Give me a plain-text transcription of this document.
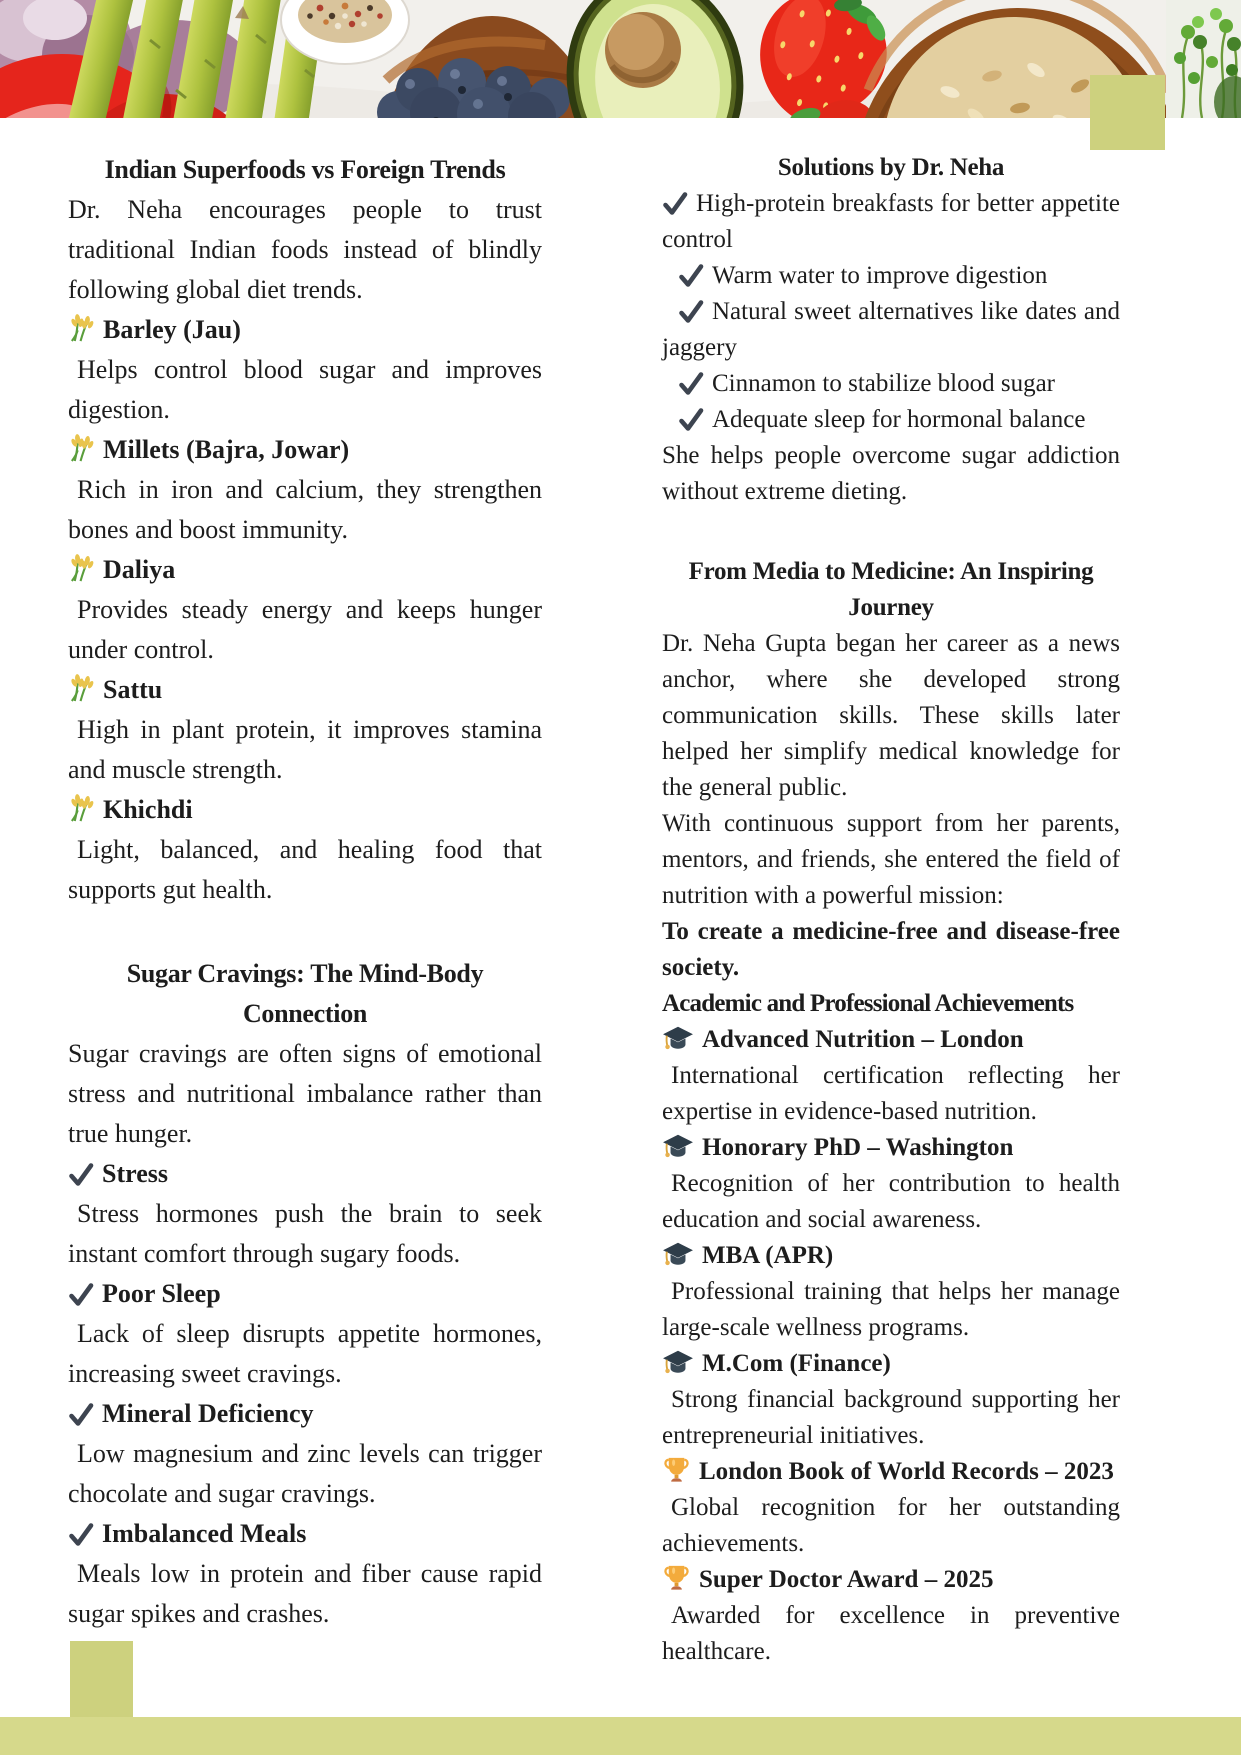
Indian Superfoods vs Foreign Trends

Dr. Neha encourages people to trust traditional Indian foods instead of blindly following global diet trends.

Barley (Jau)

Helps control blood sugar and improves digestion.

Millets (Bajra, Jowar)

Rich in iron and calcium, they strengthen bones and boost immunity.

Daliya

Provides steady energy and keeps hunger under control.

Sattu

High in plant protein, it improves stamina and muscle strength.

Khichdi

Light, balanced, and healing food that supports gut health.

Sugar Cravings: The Mind-Body Connection

Sugar cravings are often signs of emotional stress and nutritional imbalance rather than true hunger.

Stress

Stress hormones push the brain to seek instant comfort through sugary foods.

Poor Sleep

Lack of sleep disrupts appetite hormones, increasing sweet cravings.

Mineral Deficiency

Low magnesium and zinc levels can trigger chocolate and sugar cravings.

Imbalanced Meals

Meals low in protein and fiber cause rapid sugar spikes and crashes.

Solutions by Dr. Neha
High-protein breakfasts for better appetite control
Warm water to improve digestion
Natural sweet alternatives like dates and jaggery
Cinnamon to stabilize blood sugar
Adequate sleep for hormonal balance

She helps people overcome sugar addiction without extreme dieting.

From Media to Medicine: An Inspiring Journey

Dr. Neha Gupta began her career as a news anchor, where she developed strong communication skills. These skills later helped her simplify medical knowledge for the general public.

With continuous support from her parents, mentors, and friends, she entered the field of nutrition with a powerful mission:

To create a medicine-free and disease-free society.

Academic and Professional Achievements
Advanced Nutrition – London

International certification reflecting her expertise in evidence-based nutrition.

Honorary PhD – Washington

Recognition of her contribution to health education and social awareness.

MBA (APR)

Professional training that helps her manage large-scale wellness programs.

M.Com (Finance)

Strong financial background supporting her entrepreneurial initiatives.

London Book of World Records – 2023

Global recognition for her outstanding achievements.

Super Doctor Award – 2025

Awarded for excellence in preventive healthcare.
